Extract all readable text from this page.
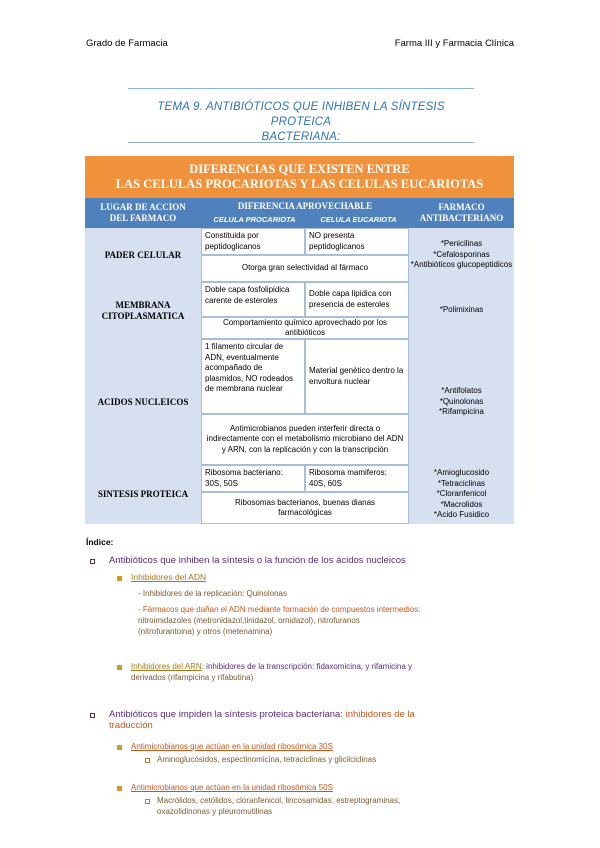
Grado de Farmacia	Farma III y Farmacia Clínica
TEMA 9. ANTIBIÓTICOS QUE INHIBEN LA SÍNTESIS PROTEICA
BACTERIANA:
DIFERENCIAS QUE EXISTEN ENTRE
LAS CELULAS PROCARIOTAS Y LAS CELULAS EUCARIOTAS
LUGAR DE ACCION DEL FARMACO
DIFERENCIA APROVECHABLE
CELULA PROCARIOTA	CELULA EUCARIOTA
FARMACO ANTIBACTERIANO
PADER CELULAR
Constituida por peptidoglicanos
NO presenta peptidoglicanos
Otorga gran selectividad al fármaco
*Penicilinas
*Cefalosporinas
*Antibióticos glucopeptidicos
MEMBRANA CITOPLASMATICA
Doble capa fosfolipidica carente de esteroles
Doble capa lipidica con presencia de esteroles
Comportamiento químico aprovechado por los antibióticos
*Polimixinas
ACIDOS NUCLEICOS
1 filamento circular de ADN, eventualmente acompañado de plasmidos, NO rodeados de membrana nuclear
Material genético dentro la envoltura nuclear
Antimicrobianos pueden interferir directa o indirectamente con el metabolismo microbiano del ADN y ARN, con la replicación y con la transcripción
*Antifolatos
*Quinolonas
*Rifampicina
SINTESIS PROTEICA
Ribosoma bacteriano: 30S, 50S
Ribosoma mamiferos: 40S, 60S
Ribosomas bacterianos, buenas dianas farmacológicas
*Amioglucosido
*Tetraciclinas
*Cloranfenicol
*Macrolidos
*Acido Fusidico
Índice:
Antibióticos que inhiben la síntesis o la función de los ácidos nucleicos
Inhibidores del ADN
- Inhibidores de la replicación: Quinolonas
- Fármacos que dañan el ADN mediante formación de compuestos intermedios:
nitroimidazoles (metronidazol,tinidazol, ornidazol), nitrofuranos
(nitrofurantoina) y otros (metenamina)
Inhibidores del ARN: inhibidores de la transcripción: fidaxomicina, y rifamicina y
derivados (rifampicina y rifabutina)
Antibióticos que impiden la síntesis proteica bacteriana: inhibidores de la
traducción
Antimicrobianos que actúan en la unidad ribosómica 30S
Aminoglucósidos, espectinomicina, tetraciclinas y glicilciclinas
Antimicrobianos que actúan en la unidad ribosómica 50S
Macrólidos, cetólidos, cloranfenicol, lincosamidas, estreptograminas,
oxazolidinonas y pleuromutilinas
